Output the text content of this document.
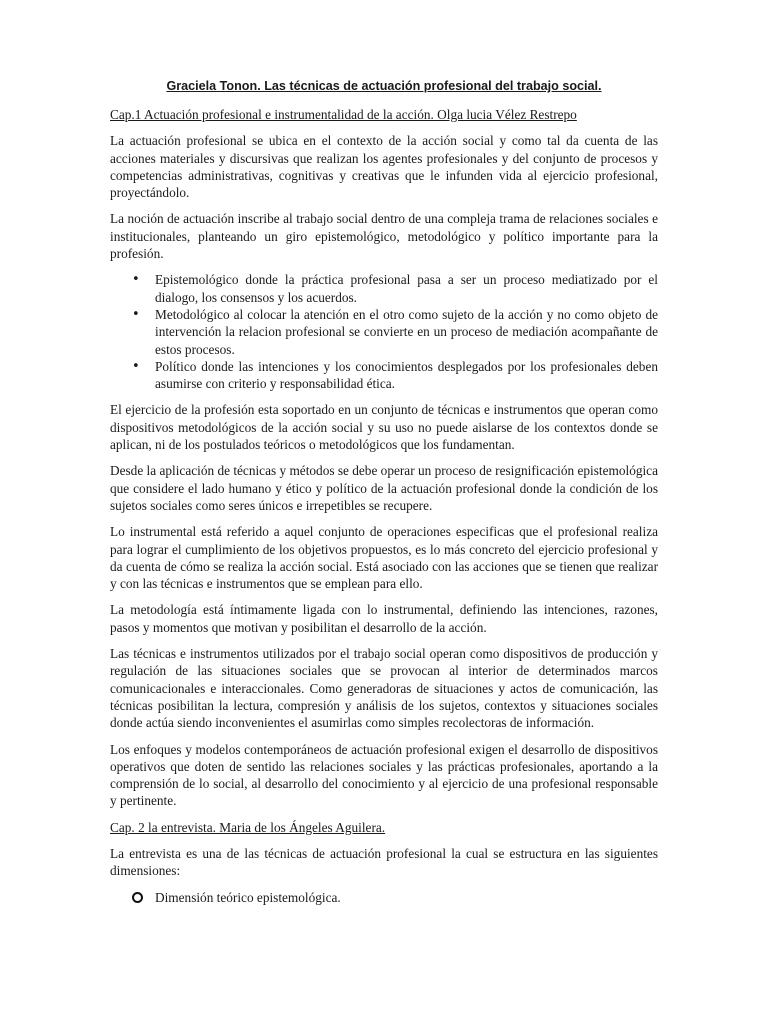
Graciela Tonon. Las técnicas de actuación profesional del trabajo social.
Cap.1 Actuación profesional e instrumentalidad de la acción. Olga lucia Vélez Restrepo

La actuación profesional se ubica en el contexto de la acción social y como tal da cuenta de las acciones materiales y discursivas que realizan los agentes profesionales y del conjunto de procesos y competencias administrativas, cognitivas y creativas que le infunden vida al ejercicio profesional, proyectándolo.

La noción de actuación inscribe al trabajo social dentro de una compleja trama de relaciones sociales e institucionales, planteando un giro epistemológico, metodológico y político importante para la profesión.

• Epistemológico donde la práctica profesional pasa a ser un proceso mediatizado por el dialogo, los consensos y los acuerdos.
• Metodológico al colocar la atención en el otro como sujeto de la acción y no como objeto de intervención la relacion profesional se convierte en un proceso de mediación acompañante de estos procesos.
• Político donde las intenciones y los conocimientos desplegados por los profesionales deben asumirse con criterio y responsabilidad ética.

El ejercicio de la profesión esta soportado en un conjunto de técnicas e instrumentos que operan como dispositivos metodológicos de la acción social y su uso no puede aislarse de los contextos donde se aplican, ni de los postulados teóricos o metodológicos que los fundamentan.

Desde la aplicación de técnicas y métodos se debe operar un proceso de resignificación epistemológica que considere el lado humano y ético y político de la actuación profesional donde la condición de los sujetos sociales como seres únicos e irrepetibles se recupere.

Lo instrumental está referido a aquel conjunto de operaciones especificas que el profesional realiza para lograr el cumplimiento de los objetivos propuestos, es lo más concreto del ejercicio profesional y da cuenta de cómo se realiza la acción social. Está asociado con las acciones que se tienen que realizar y con las técnicas e instrumentos que se emplean para ello.

La metodología está íntimamente ligada con lo instrumental, definiendo las intenciones, razones, pasos y momentos que motivan y posibilitan el desarrollo de la acción.

Las técnicas e instrumentos utilizados por el trabajo social operan como dispositivos de producción y regulación de las situaciones sociales que se provocan al interior de determinados marcos comunicacionales e interaccionales. Como generadoras de situaciones y actos de comunicación, las técnicas posibilitan la lectura, compresión y análisis de los sujetos, contextos y situaciones sociales donde actúa siendo inconvenientes el asumirlas como simples recolectoras de información.

Los enfoques y modelos contemporáneos de actuación profesional exigen el desarrollo de dispositivos operativos que doten de sentido las relaciones sociales y las prácticas profesionales, aportando a la comprensión de lo social, al desarrollo del conocimiento y al ejercicio de una profesional responsable y pertinente.

Cap. 2 la entrevista. Maria de los Ángeles Aguilera.

La entrevista es una de las técnicas de actuación profesional la cual se estructura en las siguientes dimensiones:

Dimensión teórico epistemológica.
